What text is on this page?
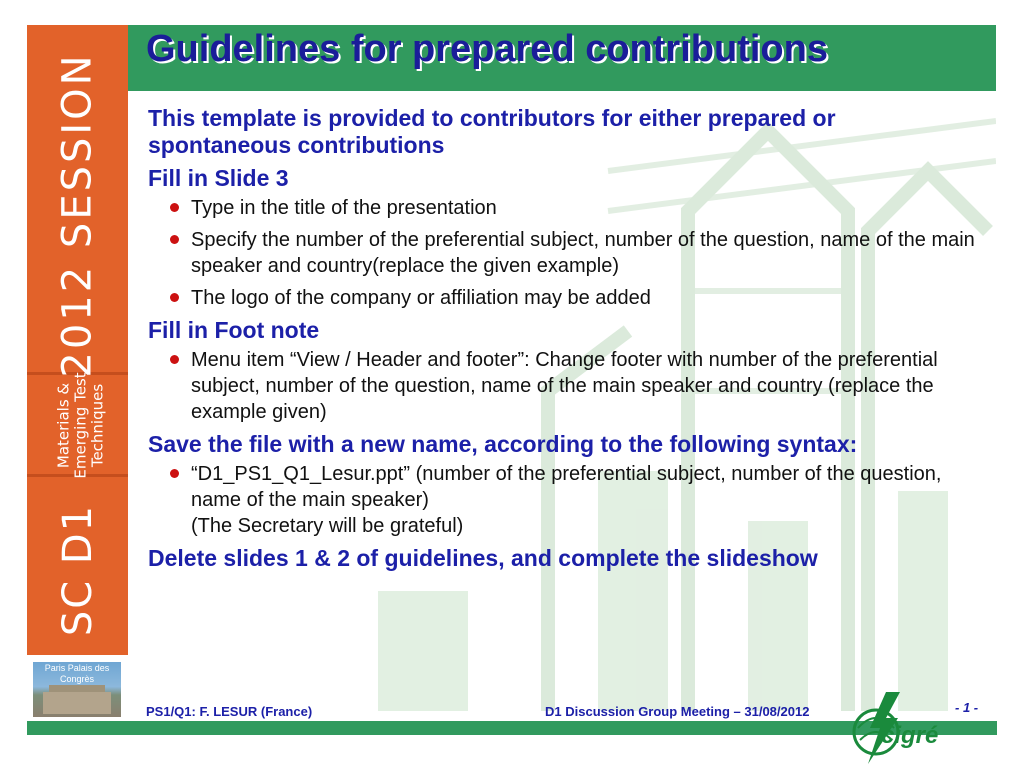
2012 SESSION
Materials &
Emerging Test
Techniques
SC D1
Paris Palais des Congrès
Guidelines for prepared contributions

This template is provided to contributors for either prepared or spontaneous contributions

Fill in Slide 3

Type in the title of the presentation
Specify the number of the preferential subject, number of the question, name of the main speaker and country(replace the given example)
The logo of the company or affiliation may be added

Fill in Foot note

Menu item “View / Header and footer”: Change footer with number of the preferential subject, number of the question, name of the main speaker and country (replace the example given)

Save the file with a new name, according to the following syntax:

“D1_PS1_Q1_Lesur.ppt” (number of the preferential subject, number of the question, name of the main speaker)
(The Secretary will be grateful)

Delete slides 1 & 2 of guidelines, and complete the slideshow

PS1/Q1: F. LESUR (France)	D1 Discussion Group Meeting – 31/08/2012	- 1 -
cigré
